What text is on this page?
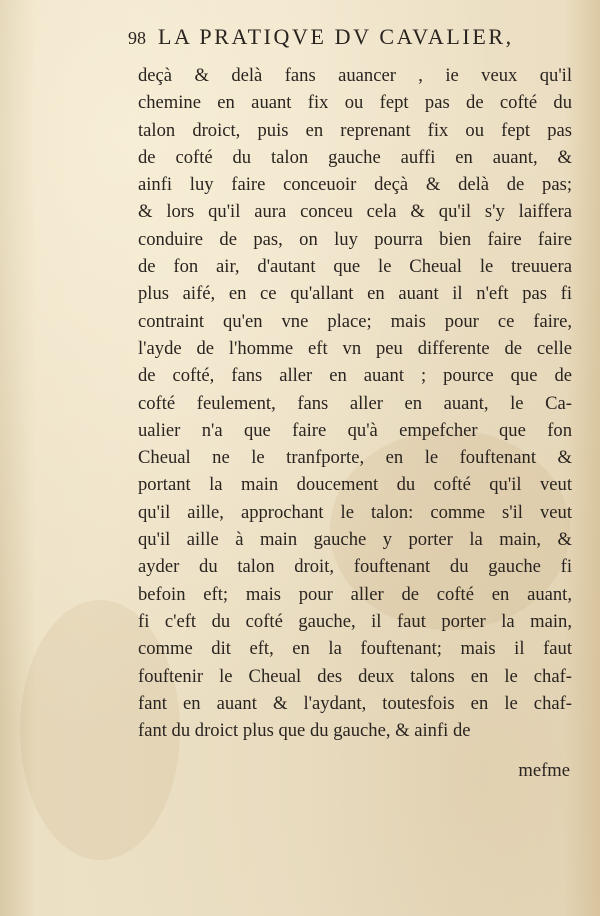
98 LA PRATIQVE DV CAVALIER,
deçà & delà fans auancer , ie veux qu'il
chemine en auant fix ou fept pas de cofté du
talon droict, puis en reprenant fix ou fept pas
de cofté du talon gauche auffi en auant, &
ainfi luy faire conceuoir deçà & delà de pas;
& lors qu'il aura conceu cela & qu'il s'y laiffera
conduire de pas, on luy pourra bien faire faire
de fon air, d'autant que le Cheual le treuuera
plus aifé, en ce qu'allant en auant il n'eft pas fi
contraint qu'en vne place; mais pour ce faire,
l'ayde de l'homme eft vn peu differente de celle
de cofté, fans aller en auant ; pource que de
cofté feulement, fans aller en auant, le Ca-
ualier n'a que faire qu'à empefcher que fon
Cheual ne le tranfporte, en le fouftenant &
portant la main doucement du cofté qu'il veut
qu'il aille, approchant le talon: comme s'il veut
qu'il aille à main gauche y porter la main, &
ayder du talon droit, fouftenant du gauche fi
befoin eft; mais pour aller de cofté en auant,
fi c'eft du cofté gauche, il faut porter la main,
comme dit eft, en la fouftenant; mais il faut
fouftenir le Cheual des deux talons en le chaf-
fant en auant & l'aydant, toutesfois en le chaf-
fant du droict plus que du gauche, & ainfi de
mefme
